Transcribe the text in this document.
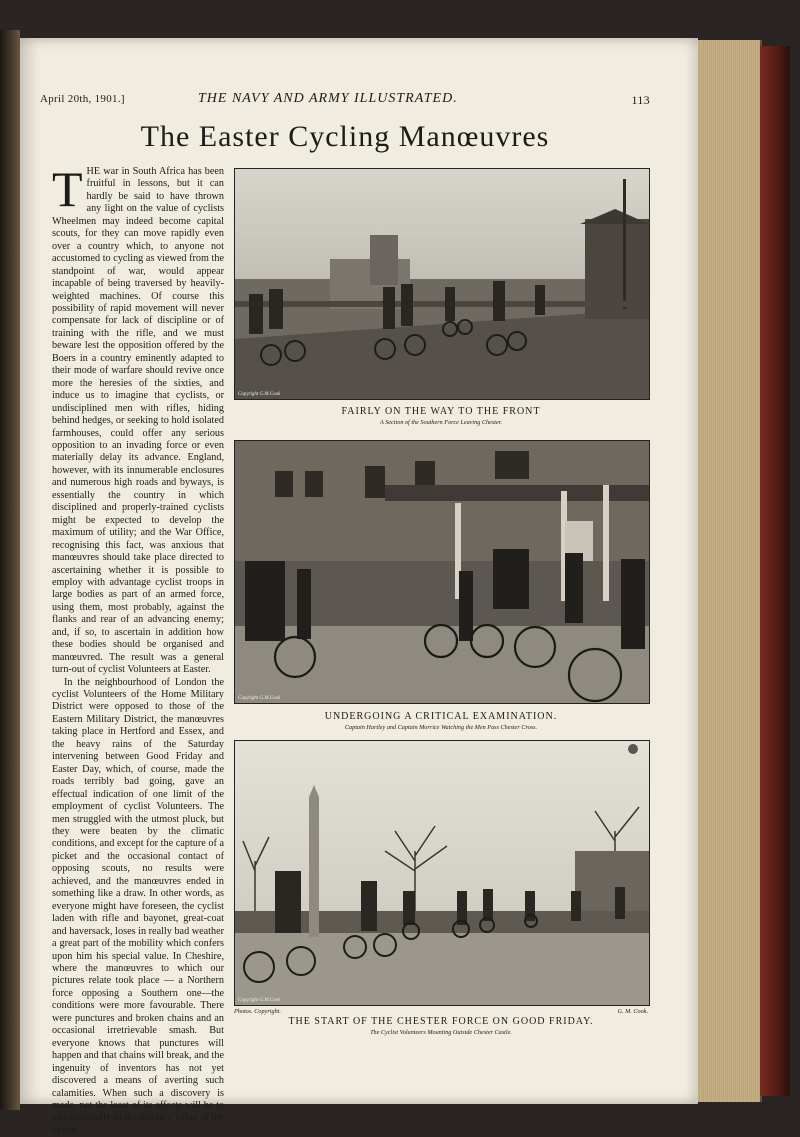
April 20th, 1901.]	THE NAVY AND ARMY ILLUSTRATED.	113
The Easter Cycling Manœuvres

THE war in South Africa has been fruitful in lessons, but it can hardly be said to have thrown any light on the value of cyclists Wheelmen may indeed become capital scouts, for they can move rapidly even over a country which, to anyone not accustomed to cycling as viewed from the standpoint of war, would appear incapable of being traversed by heavily-weighted machines. Of course this possibility of rapid movement will never compensate for lack of discipline or of training with the rifle, and we must beware lest the opposition offered by the Boers in a country eminently adapted to their mode of warfare should revive once more the heresies of the sixties, and induce us to imagine that cyclists, or undisciplined men with rifles, hiding behind hedges, or seeking to hold isolated farmhouses, could offer any serious opposition to an invading force or even materially delay its advance. England, however, with its innumerable enclosures and numerous high roads and byways, is essentially the country in which disciplined and properly-trained cyclists might be expected to develop the maximum of utility; and the War Office, recognising this fact, was anxious that manœuvres should take place directed to ascertaining whether it is possible to employ with advantage cyclist troops in large bodies as part of an armed force, using them, most probably, against the flanks and rear of an advancing enemy; and, if so, to ascertain in addition how these bodies should be organised and manœuvred. The result was a general turn-out of cyclist Volunteers at Easter.

In the neighbourhood of London the cyclist Volunteers of the Home Military District were opposed to those of the Eastern Military District, the manœuvres taking place in Hertford and Essex, and the heavy rains of the Saturday intervening between Good Friday and Easter Day, which, of course, made the roads terribly bad going, gave an effectual indication of one limit of the employment of cyclist Volunteers. The men struggled with the utmost pluck, but they were beaten by the climatic conditions, and except for the capture of a picket and the occasional contact of opposing scouts, no results were achieved, and the manœuvres ended in something like a draw. In other words, as everyone might have foreseen, the cyclist laden with rifle and bayonet, great-coat and haversack, loses in really bad weather a great part of the mobility which confers upon him his special value. In Cheshire, where the manœuvres to which our pictures relate took place — a Northern force opposing a Southern one—the conditions were more favourable. There were punctures and broken chains and an occasional irretrievable smash. But everyone knows that punctures will happen and that chains will break, and the ingenuity of inventors has not yet discovered a means of averting such calamities. When such a discovery is made, not the least of its effects will be to add materially to the military value of the cyclist.

Copyright G.M.Cook
FAIRLY ON THE WAY TO THE FRONT
A Section of the Southern Force Leaving Chester.
Copyright G.M.Cook
UNDERGOING A CRITICAL EXAMINATION.
Captain Hartley and Captain Morrice Watching the Men Pass Chester Cross.
Copyright G.M.Cook
Photos. Copyright.	G. M. Cook.
THE START OF THE CHESTER FORCE ON GOOD FRIDAY.
The Cyclist Volunteers Mounting Outside Chester Castle.
